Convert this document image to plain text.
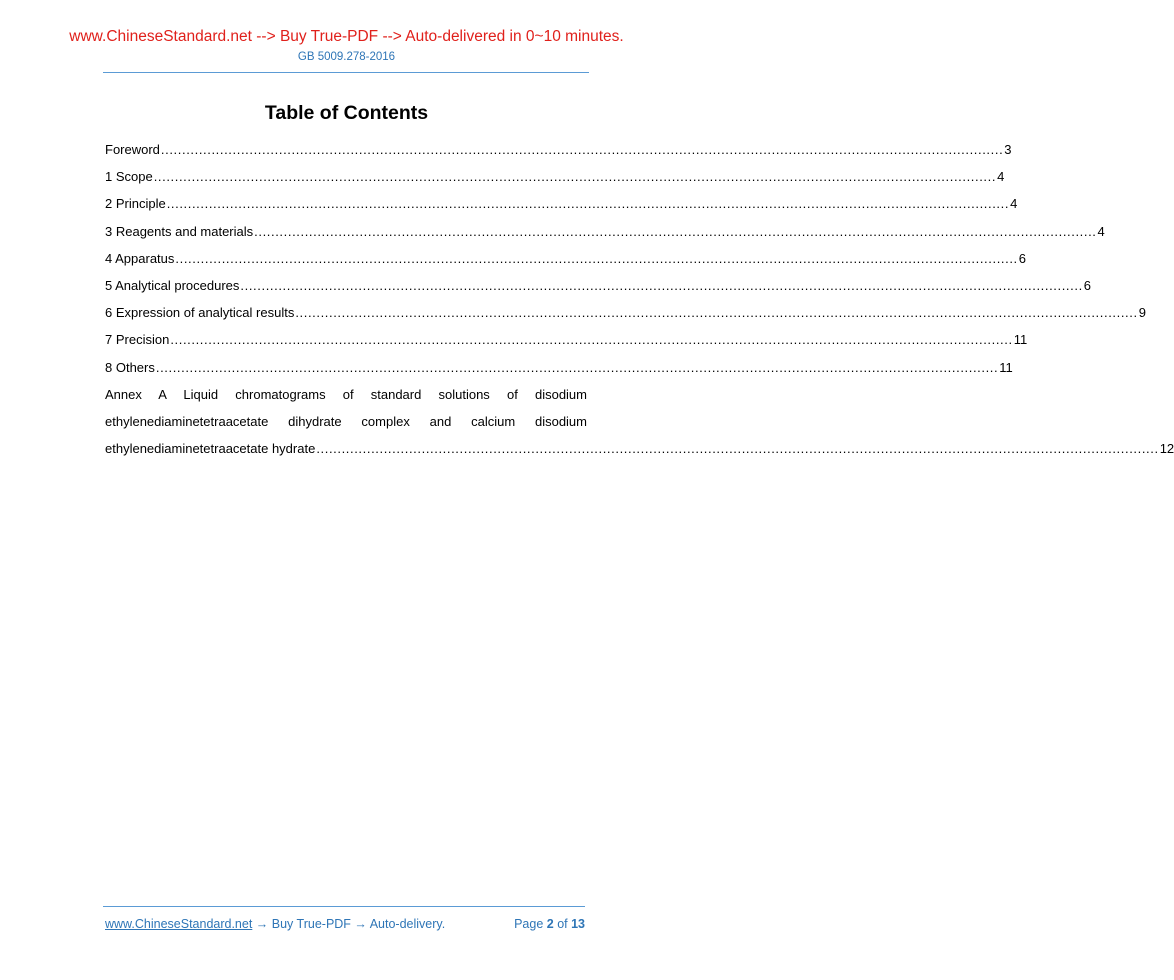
www.ChineseStandard.net --> Buy True-PDF --> Auto-delivered in 0~10 minutes.
GB 5009.278-2016
Table of Contents
Foreword ........................................................................................................................................................................................................ 3
1 Scope ........................................................................................................................................................................................................ 4
2 Principle ........................................................................................................................................................................................................ 4
3 Reagents and materials ........................................................................................................................................................................................................ 4
4 Apparatus ........................................................................................................................................................................................................ 6
5 Analytical procedures ........................................................................................................................................................................................................ 6
6 Expression of analytical results ........................................................................................................................................................................................................ 9
7 Precision ........................................................................................................................................................................................................ 11
8 Others ........................................................................................................................................................................................................ 11
Annex A Liquid chromatograms of standard solutions of disodium
ethylenediaminetetraacetate dihydrate complex and calcium disodium
ethylenediaminetetraacetate hydrate ........................................................................................................................................................................................................ 12
www.ChineseStandard.net → Buy True-PDF → Auto-delivery.	Page 2 of 13
